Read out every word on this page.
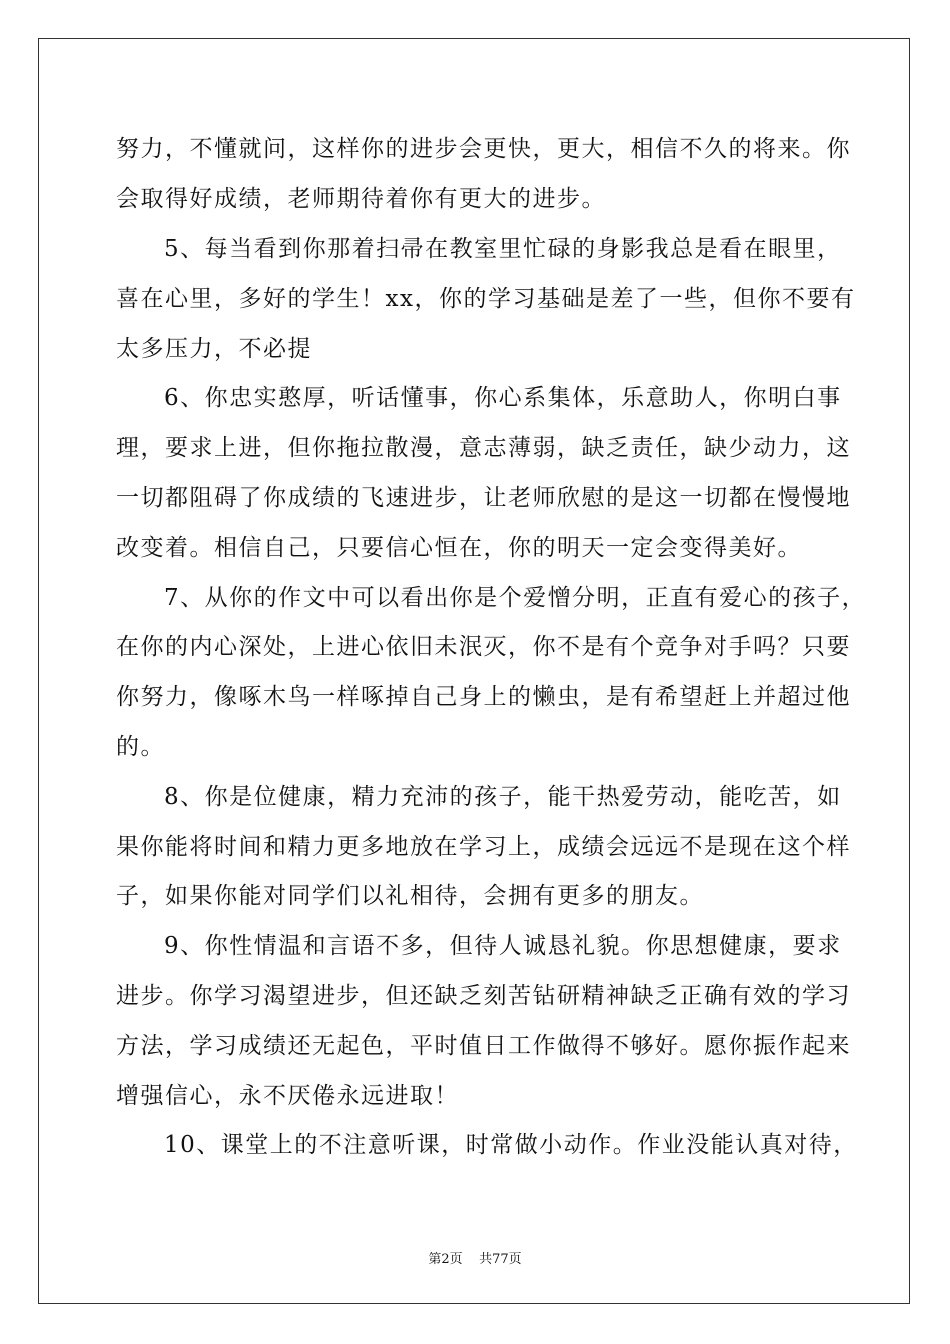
努力，不懂就问，这样你的进步会更快，更大，相信不久的将来。你
会取得好成绩，老师期待着你有更大的进步。
5、每当看到你那着扫帚在教室里忙碌的身影我总是看在眼里，
喜在心里，多好的学生！xx，你的学习基础是差了一些，但你不要有
太多压力，不必提
6、你忠实憨厚，听话懂事，你心系集体，乐意助人，你明白事
理，要求上进，但你拖拉散漫，意志薄弱，缺乏责任，缺少动力，这
一切都阻碍了你成绩的飞速进步，让老师欣慰的是这一切都在慢慢地
改变着。相信自己，只要信心恒在，你的明天一定会变得美好。
7、从你的作文中可以看出你是个爱憎分明，正直有爱心的孩子，
在你的内心深处，上进心依旧未泯灭，你不是有个竞争对手吗？只要
你努力，像啄木鸟一样啄掉自己身上的懒虫，是有希望赶上并超过他
的。
8、你是位健康，精力充沛的孩子，能干热爱劳动，能吃苦，如
果你能将时间和精力更多地放在学习上，成绩会远远不是现在这个样
子，如果你能对同学们以礼相待，会拥有更多的朋友。
9、你性情温和言语不多，但待人诚恳礼貌。你思想健康，要求
进步。你学习渴望进步，但还缺乏刻苦钻研精神缺乏正确有效的学习
方法，学习成绩还无起色，平时值日工作做得不够好。愿你振作起来
增强信心，永不厌倦永远进取！
10、课堂上的不注意听课，时常做小动作。作业没能认真对待，
第2页 共77页
